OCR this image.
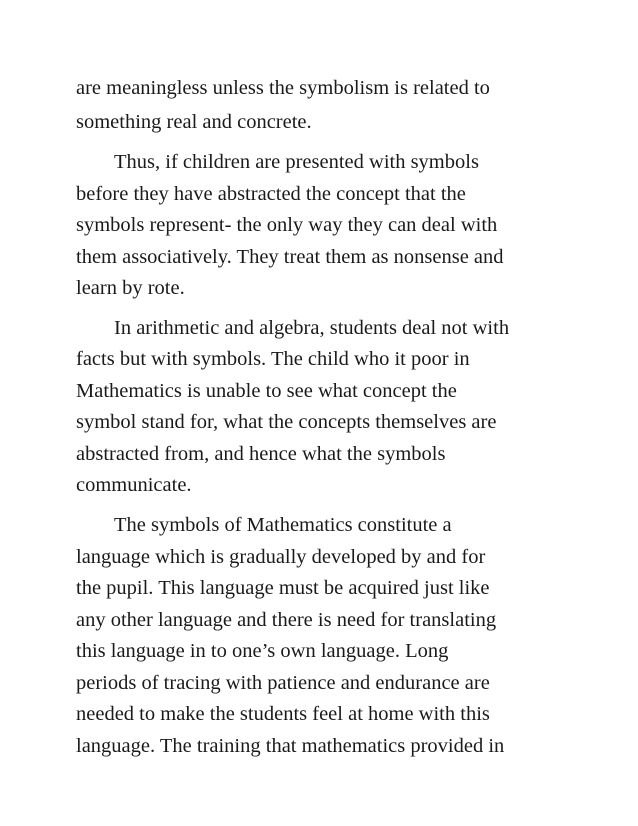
are meaningless unless the symbolism is related to

something real and concrete.

Thus, if children are presented with symbols

before they have abstracted the concept that the

symbols represent- the only way they can deal with

them associatively. They treat them as nonsense and

learn by rote.

In arithmetic and algebra, students deal not with

facts but with symbols. The child who it poor in

Mathematics is unable to see what concept the

symbol stand for, what the concepts themselves are

abstracted from, and hence what the symbols

communicate.

The symbols of Mathematics constitute a

language which is gradually developed by and for

the pupil. This language must be acquired just like

any other language and there is need for translating

this language in to one’s own language. Long

periods of tracing with patience and endurance are

needed to make the students feel at home with this

language. The training that mathematics provided in
